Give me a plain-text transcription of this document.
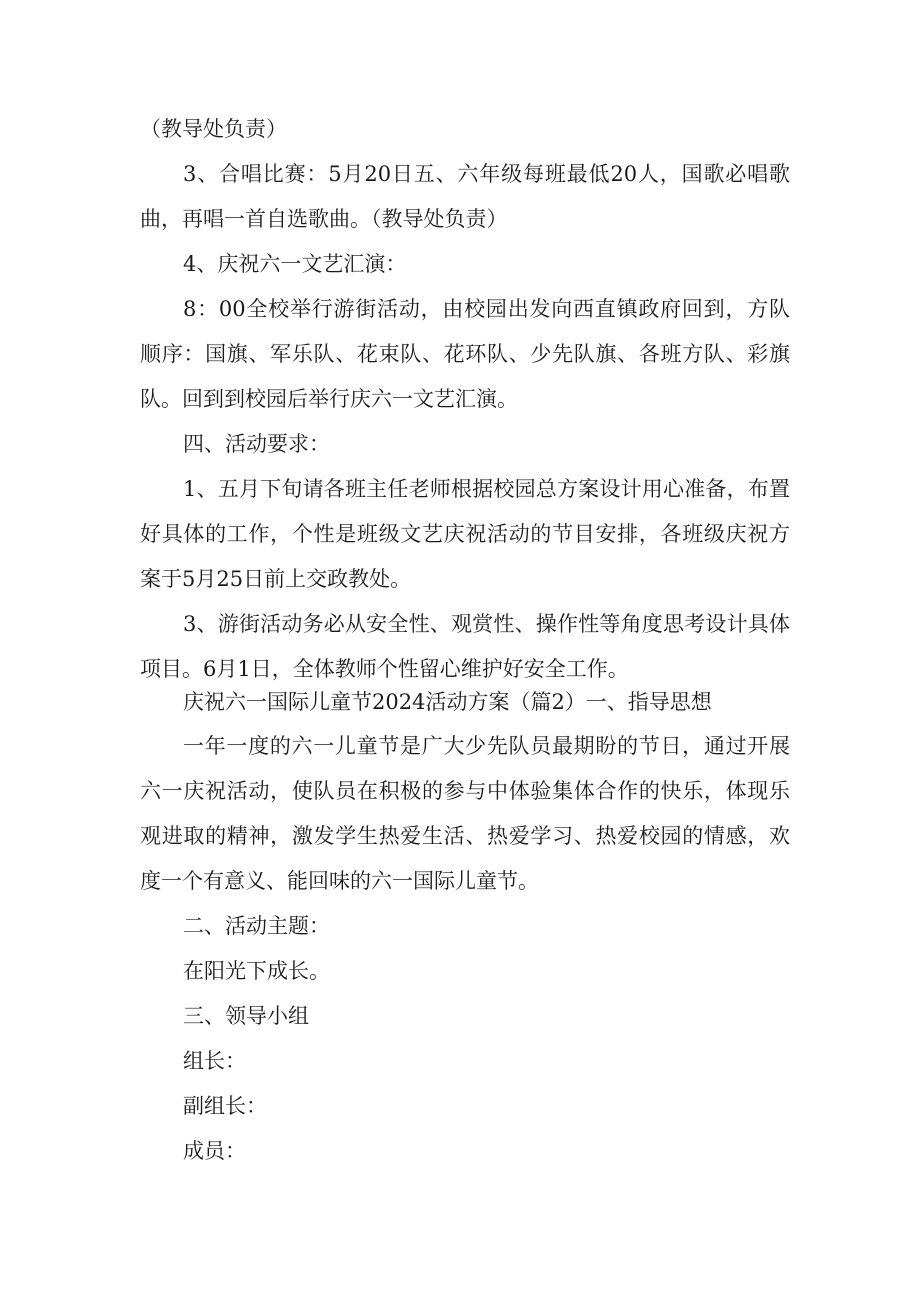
（教导处负责）

3、合唱比赛：5月20日五、六年级每班最低20人，国歌必唱歌曲，再唱一首自选歌曲。（教导处负责）

4、庆祝六一文艺汇演：

8：00全校举行游街活动，由校园出发向西直镇政府回到，方队顺序：国旗、军乐队、花束队、花环队、少先队旗、各班方队、彩旗队。回到到校园后举行庆六一文艺汇演。

四、活动要求：

1、五月下旬请各班主任老师根据校园总方案设计用心准备，布置好具体的工作，个性是班级文艺庆祝活动的节目安排，各班级庆祝方案于5月25日前上交政教处。

3、游街活动务必从安全性、观赏性、操作性等角度思考设计具体项目。6月1日，全体教师个性留心维护好安全工作。

庆祝六一国际儿童节2024活动方案（篇2）一、指导思想

一年一度的六一儿童节是广大少先队员最期盼的节日，通过开展六一庆祝活动，使队员在积极的参与中体验集体合作的快乐，体现乐观进取的精神，激发学生热爱生活、热爱学习、热爱校园的情感，欢度一个有意义、能回味的六一国际儿童节。

二、活动主题：

在阳光下成长。

三、领导小组

组长：

副组长：

成员：
